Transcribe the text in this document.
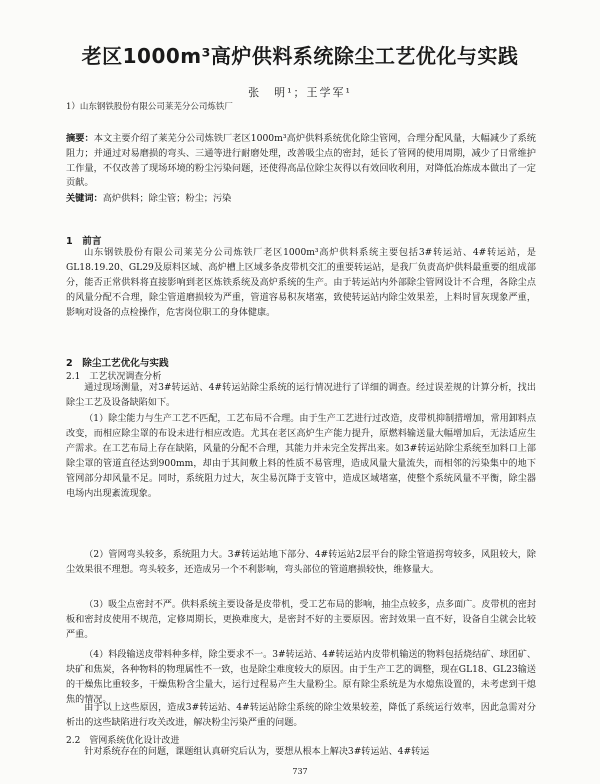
老区1000m³高炉供料系统除尘工艺优化与实践
张　明¹；王学军¹
1）山东钢铁股份有限公司莱芜分公司炼铁厂
摘要：本文主要介绍了莱芜分公司炼铁厂老区1000m³高炉供料系统优化除尘管网，合理分配风量，大幅减少了系统阻力；并通过对易磨损的弯头、三通等进行耐磨处理，改善吸尘点的密封，延长了管网的使用周期，减少了日常维护工作量，不仅改善了现场环境的粉尘污染问题，还使得高品位除尘灰得以有效回收利用，对降低冶炼成本做出了一定贡献。
关键词：高炉供料；除尘管；粉尘；污染
1　前言
山东钢铁股份有限公司莱芜分公司炼铁厂老区1000m³高炉供料系统主要包括3#转运站、4#转运站，是GL18.19.20、GL29及原料区域、高炉槽上区域多条皮带机交汇的重要转运站，是我厂负责高炉供料最重要的组成部分，能否正常供料将直接影响到老区炼铁系统及高炉系统的生产。由于转运站内外部除尘管网设计不合理，各除尘点的风量分配不合理，除尘管道磨损较为严重，管道容易积灰堵塞，致使转运站内除尘效果差，上料时冒灰现象严重，影响对设备的点检操作，危害岗位职工的身体健康。
2　除尘工艺优化与实践
2.1　工艺状况调查分析
通过现场测量，对3#转运站、4#转运站除尘系统的运行情况进行了详细的调查。经过误差规的计算分析，找出除尘工艺及设备缺陷如下。
（1）除尘能力与生产工艺不匹配，工艺布局不合理。由于生产工艺进行过改造，皮带机抑制措增加，常用卸料点改变，而相应除尘罩的布设未进行相应改造。尤其在老区高炉生产能力提升，原燃料输送量大幅增加后，无法适应生产需求。在工艺布局上存在缺陷，风量的分配不合理，其能力并未完全发挥出来。如3#转运站除尘系统至加料口上部除尘罩的管道直径达到900mm，却由于其间敷上料的性质不易管理，造成风量大量流失，而相邻的污染集中的地下管网部分却风量不足。同时，系统阻力过大，灰尘易沉降于支管中，造成区域堵塞，使整个系统风量不平衡，除尘器电场内出现紊流现象。
（2）管网弯头较多，系统阻力大。3#转运站地下部分、4#转运站2层平台的除尘管道拐弯较多，风阻较大，除尘效果很不理想。弯头较多，还造成另一个不利影响，弯头部位的管道磨损较快，维修量大。
（3）吸尘点密封不严。供料系统主要设备是皮带机，受工艺布局的影响，抽尘点较多，点多面广。皮带机的密封板和密封皮使用不规范，定修周期长，更换难度大，是密封不好的主要原因。密封效果一直不好，设备自尘就会比较严重。
（4）料段输送皮带料种多样，除尘要求不一。3#转运站、4#转运站内皮带机输送的物料包括烧结矿、球团矿、块矿和焦炭，各种物料的物理属性不一致，也是除尘难度较大的原因。由于生产工艺的调整，现在GL18、GL23输送的干燥焦比重较多，干燥焦粉含尘量大，运行过程易产生大量粉尘。原有除尘系统是为水熄焦设置的，未考虑到干熄焦的情况。
由于以上这些原因，造成3#转运站、4#转运站除尘系统的除尘效果较差，降低了系统运行效率，因此急需对分析出的这些缺陷进行攻关改进，解决粉尘污染严重的问题。
2.2　管网系统优化设计改进
针对系统存在的问题，课题组认真研究后认为，要想从根本上解决3#转运站、4#转运
737
